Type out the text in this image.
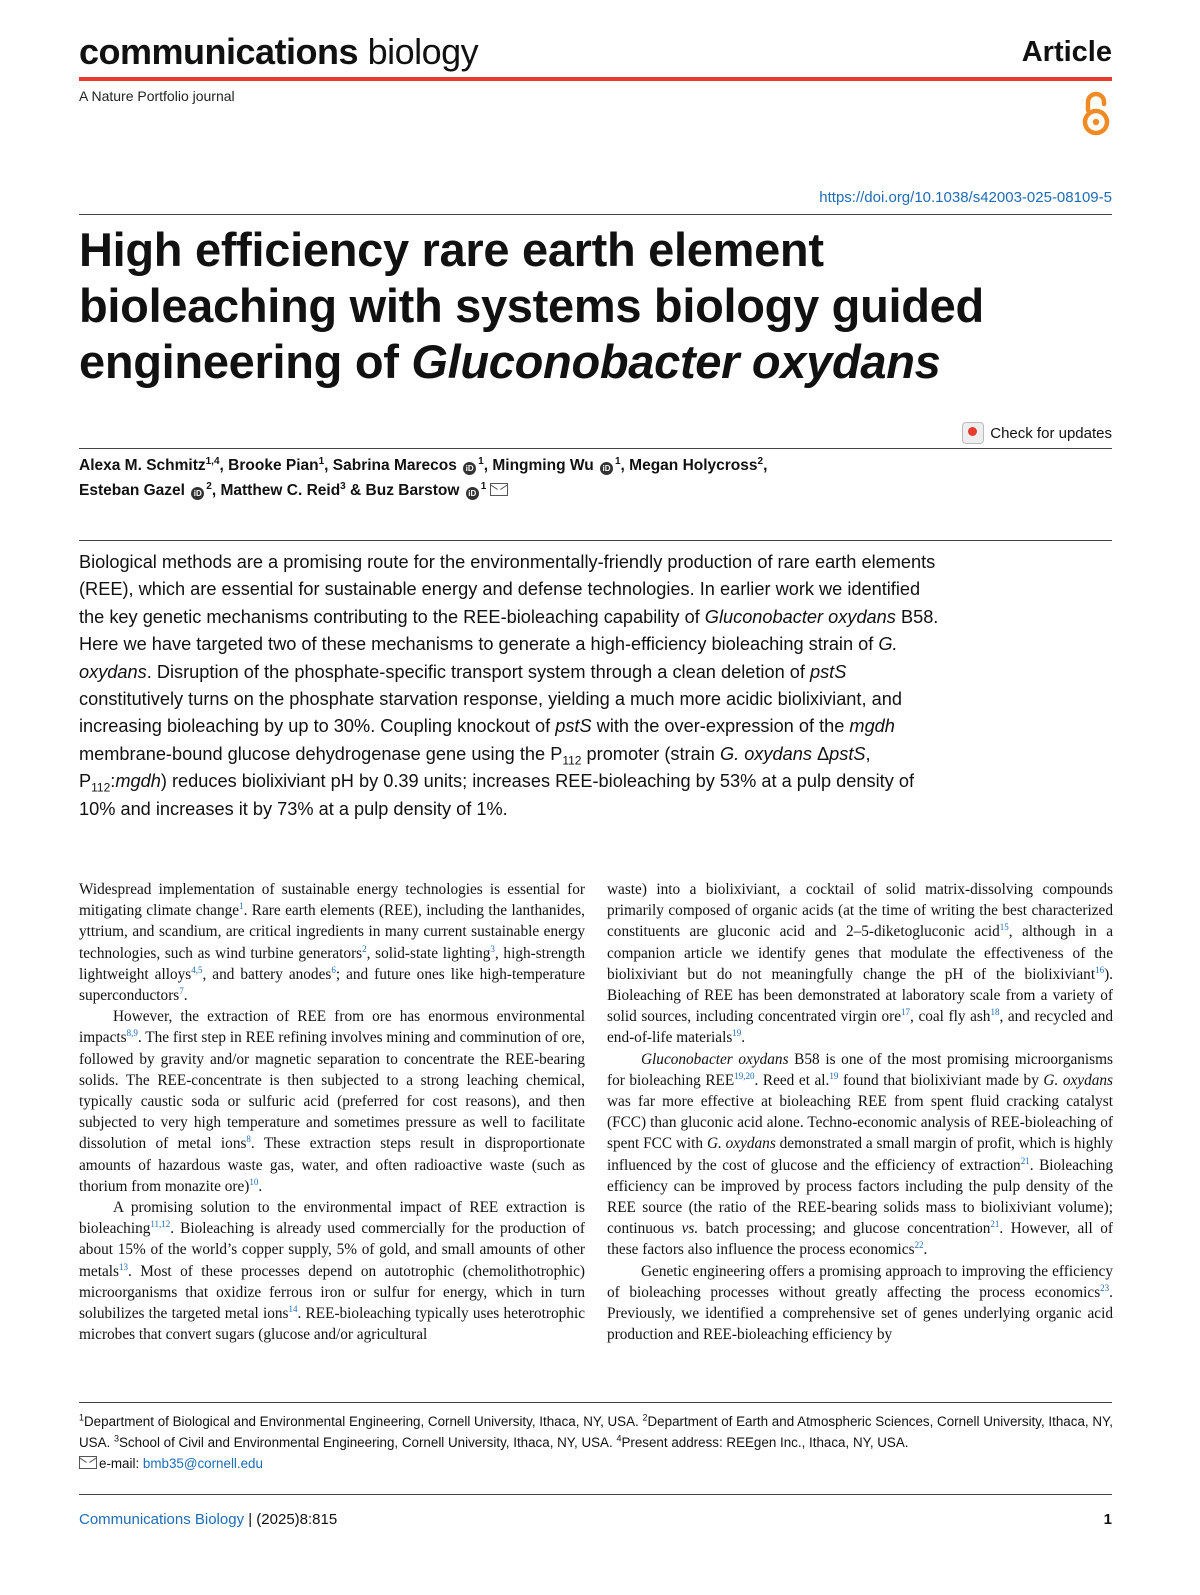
communications biology	Article
A Nature Portfolio journal
https://doi.org/10.1038/s42003-025-08109-5
High efficiency rare earth element
bioleaching with systems biology guided
engineering of Gluconobacter oxydans
Check for updates
Alexa M. Schmitz$^{1,4}$, Brooke Pian$^1$, Sabrina Marecos $iD^1$, Mingming Wu $iD^1$, Megan Holycross$^2$,
Esteban Gazel $iD^2$, Matthew C. Reid$^3$ & Buz Barstow $iD^1$
Biological methods are a promising route for the environmentally-friendly production of rare earth elements (REE), which are essential for sustainable energy and defense technologies. In earlier work we identified the key genetic mechanisms contributing to the REE-bioleaching capability of Gluconobacter oxydans B58. Here we have targeted two of these mechanisms to generate a high-efficiency bioleaching strain of G. oxydans. Disruption of the phosphate-specific transport system through a clean deletion of pstS constitutively turns on the phosphate starvation response, yielding a much more acidic biolixiviant, and increasing bioleaching by up to 30%. Coupling knockout of pstS with the over-expression of the mgdh membrane-bound glucose dehydrogenase gene using the $P_{112}$ promoter (strain G. oxydans ΔpstS, $P_{112}:mgdh$) reduces biolixiviant pH by 0.39 units; increases REE-bioleaching by 53% at a pulp density of 10% and increases it by 73% at a pulp density of 1%.

Widespread implementation of sustainable energy technologies is essential for mitigating climate change$^1$. Rare earth elements (REE), including the lanthanides, yttrium, and scandium, are critical ingredients in many current sustainable energy technologies, such as wind turbine generators$^2$, solid-state lighting$^3$, high-strength lightweight alloys$^{4,5}$, and battery anodes$^6$; and future ones like high-temperature superconductors$^7$.

However, the extraction of REE from ore has enormous environmental impacts$^{8,9}$. The first step in REE refining involves mining and comminution of ore, followed by gravity and/or magnetic separation to concentrate the REE-bearing solids. The REE-concentrate is then subjected to a strong leaching chemical, typically caustic soda or sulfuric acid (preferred for cost reasons), and then subjected to very high temperature and sometimes pressure as well to facilitate dissolution of metal ions$^8$. These extraction steps result in disproportionate amounts of hazardous waste gas, water, and often radioactive waste (such as thorium from monazite ore)$^{10}$.

A promising solution to the environmental impact of REE extraction is bioleaching$^{11,12}$. Bioleaching is already used commercially for the production of about 15% of the world’s copper supply, 5% of gold, and small amounts of other metals$^{13}$. Most of these processes depend on autotrophic (chemolithotrophic) microorganisms that oxidize ferrous iron or sulfur for energy, which in turn solubilizes the targeted metal ions$^{14}$. REE-bioleaching typically uses heterotrophic microbes that convert sugars (glucose and/or agricultural

waste) into a biolixiviant, a cocktail of solid matrix-dissolving compounds primarily composed of organic acids (at the time of writing the best characterized constituents are gluconic acid and 2–5-diketogluconic acid$^{15}$, although in a companion article we identify genes that modulate the effectiveness of the biolixiviant but do not meaningfully change the pH of the biolixiviant$^{16}$). Bioleaching of REE has been demonstrated at laboratory scale from a variety of solid sources, including concentrated virgin ore$^{17}$, coal fly ash$^{18}$, and recycled and end-of-life materials$^{19}$.

Gluconobacter oxydans B58 is one of the most promising microorganisms for bioleaching REE$^{19,20}$. Reed et al.$^{19}$ found that biolixiviant made by G. oxydans was far more effective at bioleaching REE from spent fluid cracking catalyst (FCC) than gluconic acid alone. Techno-economic analysis of REE-bioleaching of spent FCC with G. oxydans demonstrated a small margin of profit, which is highly influenced by the cost of glucose and the efficiency of extraction$^{21}$. Bioleaching efficiency can be improved by process factors including the pulp density of the REE source (the ratio of the REE-bearing solids mass to biolixiviant volume); continuous vs. batch processing; and glucose concentration$^{21}$. However, all of these factors also influence the process economics$^{22}$.

Genetic engineering offers a promising approach to improving the efficiency of bioleaching processes without greatly affecting the process economics$^{23}$. Previously, we identified a comprehensive set of genes underlying organic acid production and REE-bioleaching efficiency by

$^1$Department of Biological and Environmental Engineering, Cornell University, Ithaca, NY, USA. $^2$Department of Earth and Atmospheric Sciences, Cornell University, Ithaca, NY, USA. $^3$School of Civil and Environmental Engineering, Cornell University, Ithaca, NY, USA. $^4$Present address: REEgen Inc., Ithaca, NY, USA.
e-mail: bmb35@cornell.edu
Communications Biology | (2025)8:815	1
